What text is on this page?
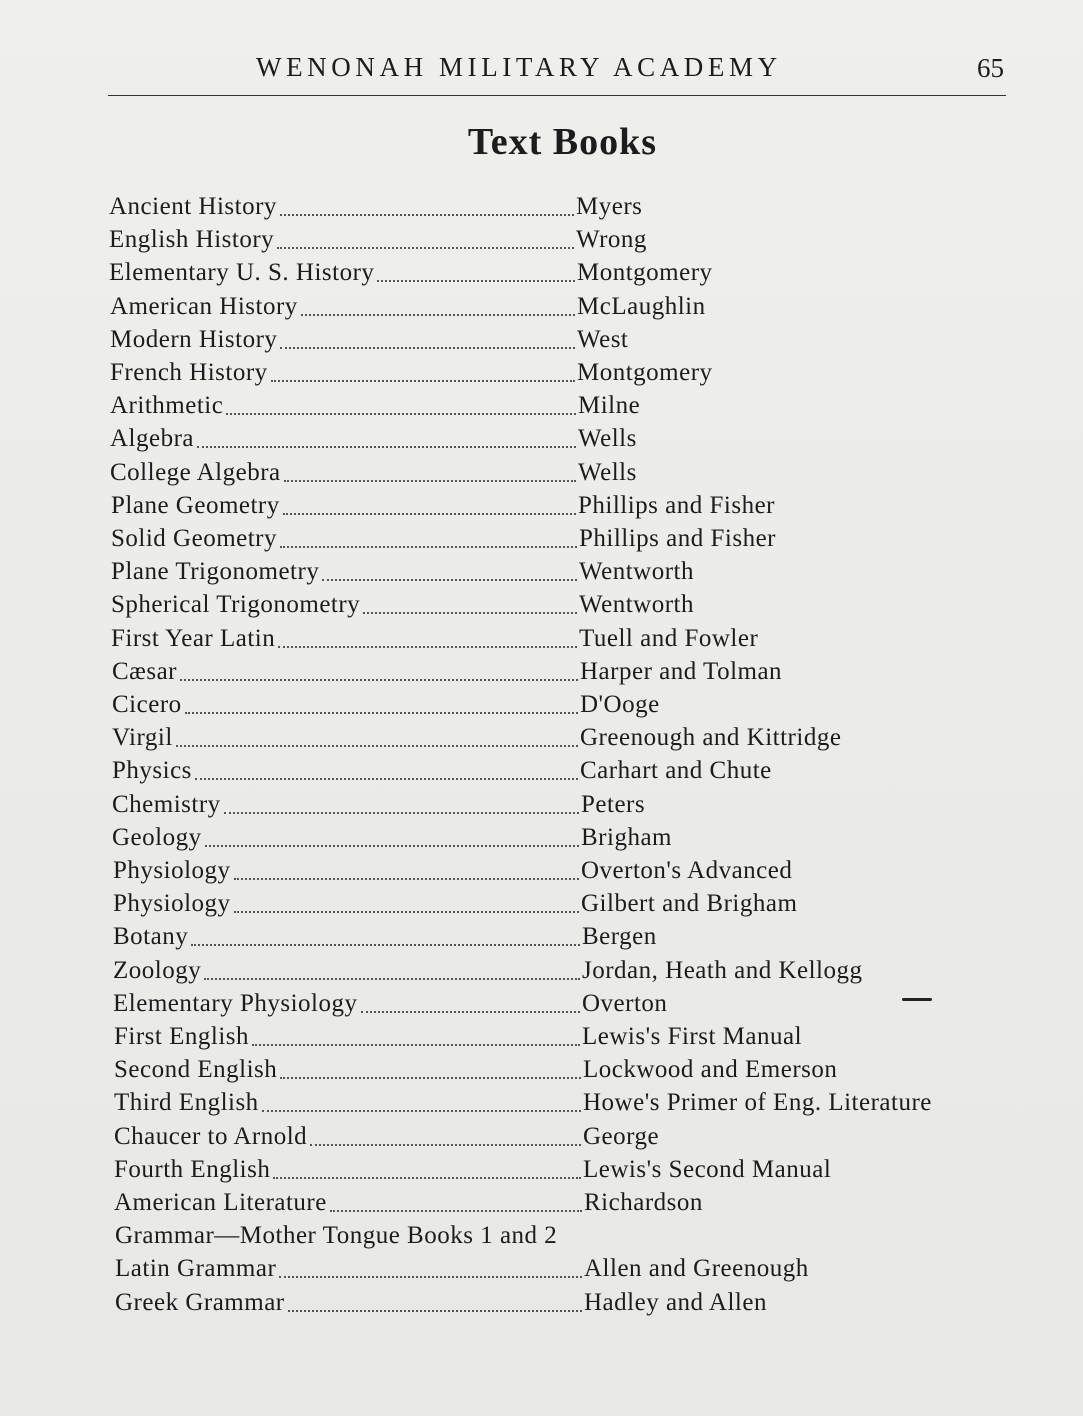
WENONAH MILITARY ACADEMY	65
Text Books
Ancient History	Myers
English History	Wrong
Elementary U. S. History	Montgomery
American History	McLaughlin
Modern History	West
French History	Montgomery
Arithmetic	Milne
Algebra	Wells
College Algebra	Wells
Plane Geometry	Phillips and Fisher
Solid Geometry	Phillips and Fisher
Plane Trigonometry	Wentworth
Spherical Trigonometry	Wentworth
First Year Latin	Tuell and Fowler
Cæsar	Harper and Tolman
Cicero	D'Ooge
Virgil	Greenough and Kittridge
Physics	Carhart and Chute
Chemistry	Peters
Geology	Brigham
Physiology	Overton's Advanced
Physiology	Gilbert and Brigham
Botany	Bergen
Zoology	Jordan, Heath and Kellogg
Elementary Physiology	Overton
First English	Lewis's First Manual
Second English	Lockwood and Emerson
Third English	Howe's Primer of Eng. Literature
Chaucer to Arnold	George
Fourth English	Lewis's Second Manual
American Literature	Richardson
Grammar—Mother Tongue Books 1 and 2
Latin Grammar	Allen and Greenough
Greek Grammar	Hadley and Allen
